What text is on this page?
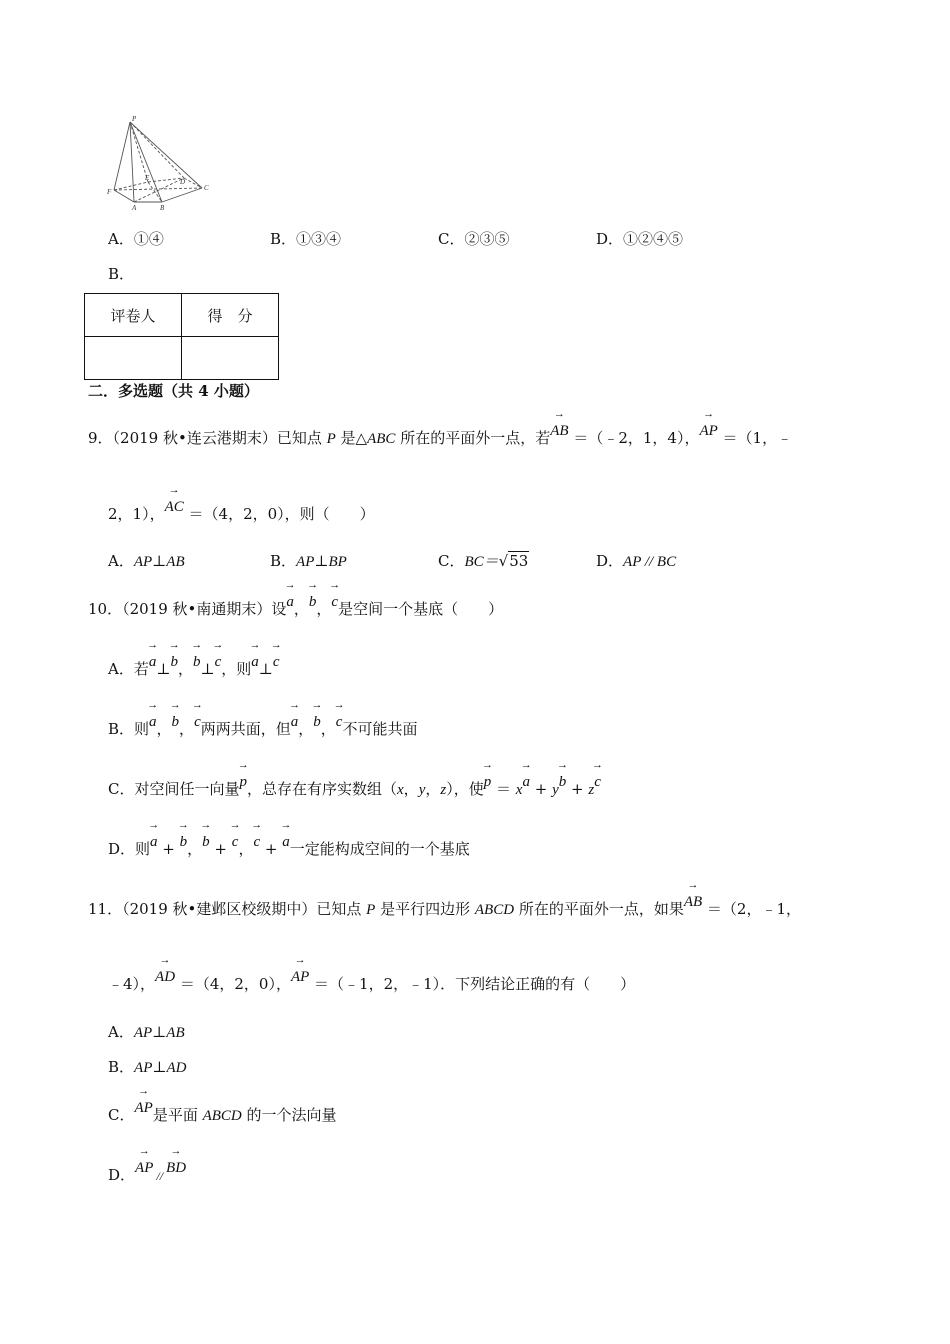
P
F
E	D
C
A	B
A．①④	B．①③④	C．②③⑤	D．①②④⑤
B．
评卷人	得　分

二．多选题（共 4 小题）
9．（2019 秋•连云港期末）已知点 P 是△ABC 所在的平面外一点，若→ AB ＝（﹣2，1，4），→ AP ＝（1，﹣
2，1），→ AC ＝（4，2，0），则（　　）
A．AP⊥AB	B．AP⊥BP	C．BC＝√53	D．AP // BC
10．（2019 秋•南通期末）设→ a，→ b，→ c是空间一个基底（　　）
A．若→ a⊥→ b，→ b⊥→ c，则→ a⊥→ c
B．则→ a，→ b，→ c两两共面，但→ a，→ b，→ c不可能共面
C．对空间任一向量→ p，总存在有序实数组（x，y，z），使→ p ＝ x→ a + y→ b + z→ c
D．则→ a + → b，→ b + → c，→ c + → a一定能构成空间的一个基底
11．（2019 秋•建邺区校级期中）已知点 P 是平行四边形 ABCD 所在的平面外一点，如果→ AB ＝（2，﹣1，
﹣4），→ AD ＝（4，2，0），→ AP ＝（﹣1，2，﹣1）．下列结论正确的有（　　）
A．AP⊥AB
B．AP⊥AD
C．→ AP是平面 ABCD 的一个法向量
D．→ AP // → BD
